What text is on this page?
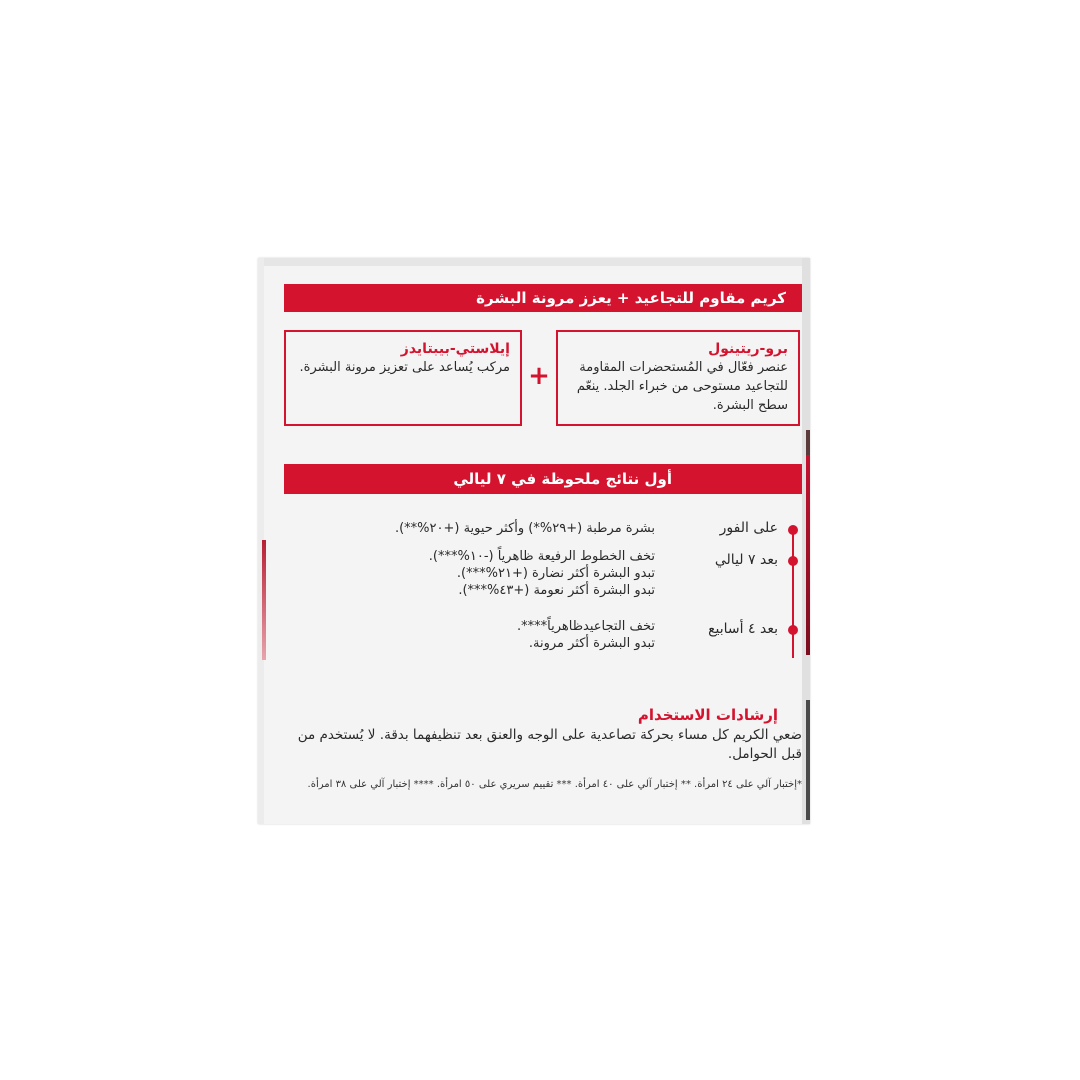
كريم مقاوم للتجاعيد + يعزز مرونة البشرة
برو-ريتينول
عنصر فعّال في المُستحضرات المقاومة للتجاعيد مستوحى من خبراء الجلد. ينعّم سطح البشرة.
+
إيلاستي-بيبتايدز
مركب يُساعد على تعزيز مرونة البشرة.
أول نتائج ملحوظة في ٧ ليالي
على الفور
بعد ٧ ليالي
بعد ٤ أسابيع
بشرة مرطبة (+٢٩%*) وأكثر حيوية (+٢٠%**).
تخف الخطوط الرفيعة ظاهرياً (-١٠%***).
تبدو البشرة أكثر نضارة (+٢١%***).
تبدو البشرة أكثر نعومة (+٤٣%***).
تخف التجاعيدظاهرياً****.
تبدو البشرة أكثر مرونة.
إرشادات الاستخدام
ضعي الكريم كل مساء بحركة تصاعدية على الوجه والعنق بعد تنظيفهما بدقة. لا يُستخدم من قبل الحوامل.
*إختبار آلي على ٢٤ امرأة. ** إختبار آلي على ٤٠ امرأة. *** تقييم سريري على ٥٠ امرأة. **** إختبار آلي على ٣٨ امرأة.
